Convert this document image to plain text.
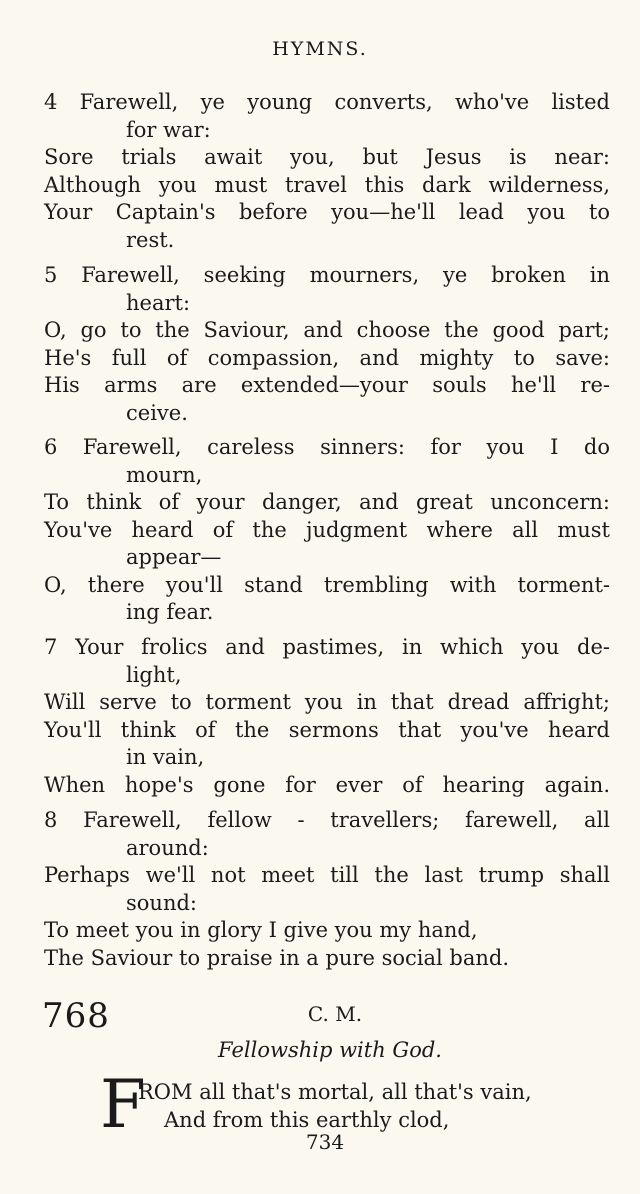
HYMNS.
4 Farewell, ye young converts, who've listed
for war:
Sore trials await you, but Jesus is near:
Although you must travel this dark wilderness,
Your Captain's before you—he'll lead you to
rest.
5 Farewell, seeking mourners, ye broken in
heart:
O, go to the Saviour, and choose the good part;
He's full of compassion, and mighty to save:
His arms are extended—your souls he'll re-
ceive.
6 Farewell, careless sinners: for you I do
mourn,
To think of your danger, and great unconcern:
You've heard of the judgment where all must
appear—
O, there you'll stand trembling with torment-
ing fear.
7 Your frolics and pastimes, in which you de-
light,
Will serve to torment you in that dread affright;
You'll think of the sermons that you've heard
in vain,
When hope's gone for ever of hearing again.
8 Farewell, fellow - travellers; farewell, all
around:
Perhaps we'll not meet till the last trump shall
sound:
To meet you in glory I give you my hand,
The Saviour to praise in a pure social band.
768	C. M.
Fellowship with God.
F
ROM all that's mortal, all that's vain,
And from this earthly clod,
734
